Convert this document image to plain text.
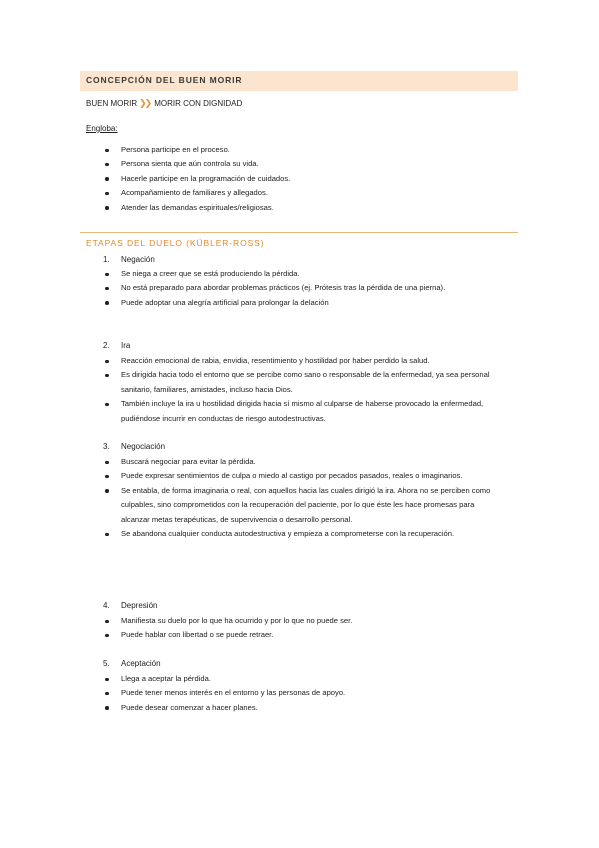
CONCEPCIÓN DEL BUEN MORIR
BUEN MORIR ❯❯ MORIR CON DIGNIDAD
Engloba:
Persona participe en el proceso.
Persona sienta que aún controla su vida.
Hacerle participe en la programación de cuidados.
Acompañamiento de familiares y allegados.
Atender las demandas espirituales/religiosas.
ETAPAS DEL DUELO (KÜBLER-ROSS)
1.	Negación
Se niega a creer que se está produciendo la pérdida.
No está preparado para abordar problemas prácticos (ej. Prótesis tras la pérdida de una pierna).
Puede adoptar una alegría artificial para prolongar la delación
2.	Ira
Reacción emocional de rabia, envidia, resentimiento y hostilidad por haber perdido la salud.
Es dirigida hacia todo el entorno que se percibe como sano o responsable de la enfermedad, ya sea personal sanitario, familiares, amistades, incluso hacia Dios.
También incluye la ira u hostilidad dirigida hacia sí mismo al culparse de haberse provocado la enfermedad, pudiéndose incurrir en conductas de riesgo autodestructivas.
3.	Negociación
Buscará negociar para evitar la pérdida.
Puede expresar sentimientos de culpa o miedo al castigo por pecados pasados, reales o imaginarios.
Se entabla, de forma imaginaria o real, con aquellos hacia las cuales dirigió la ira. Ahora no se perciben como culpables, sino comprometidos con la recuperación del paciente, por lo que éste les hace promesas para alcanzar metas terapéuticas, de supervivencia o desarrollo personal.
Se abandona cualquier conducta autodestructiva y empieza a comprometerse con la recuperación.
4.	Depresión
Manifiesta su duelo por lo que ha ocurrido y por lo que no puede ser.
Puede hablar con libertad o se puede retraer.
5.	Aceptación
Llega a aceptar la pérdida.
Puede tener menos interés en el entorno y las personas de apoyo.
Puede desear comenzar a hacer planes.
